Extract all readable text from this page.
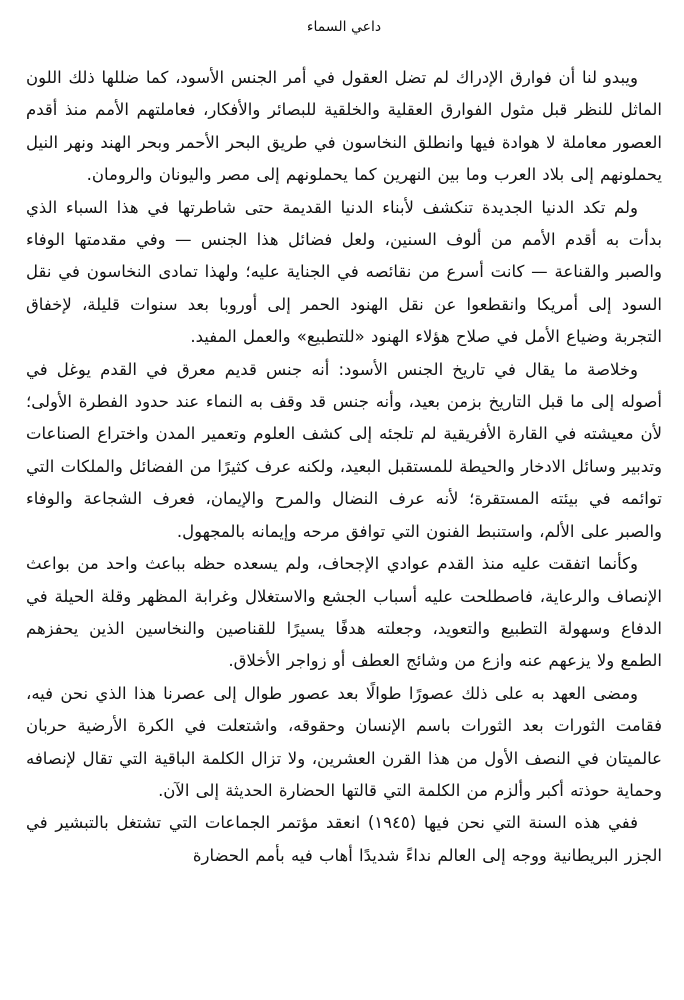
داعي السماء

ويبدو لنا أن فوارق الإدراك لم تضل العقول في أمر الجنس الأسود، كما ضللها ذلك اللون الماثل للنظر قبل مثول الفوارق العقلية والخلقية للبصائر والأفكار، فعاملتهم الأمم منذ أقدم العصور معاملة لا هوادة فيها وانطلق النخاسون في طريق البحر الأحمر وبحر الهند ونهر النيل يحملونهم إلى بلاد العرب وما بين النهرين كما يحملونهم إلى مصر واليونان والرومان.

ولم تكد الدنيا الجديدة تنكشف لأبناء الدنيا القديمة حتى شاطرتها في هذا السباء الذي بدأت به أقدم الأمم من ألوف السنين، ولعل فضائل هذا الجنس — وفي مقدمتها الوفاء والصبر والقناعة — كانت أسرع من نقائصه في الجناية عليه؛ ولهذا تمادى النخاسون في نقل السود إلى أمريكا وانقطعوا عن نقل الهنود الحمر إلى أوروبا بعد سنوات قليلة، لإخفاق التجربة وضياع الأمل في صلاح هؤلاء الهنود «للتطبيع» والعمل المفيد.

وخلاصة ما يقال في تاريخ الجنس الأسود: أنه جنس قديم معرق في القدم يوغل في أصوله إلى ما قبل التاريخ بزمن بعيد، وأنه جنس قد وقف به النماء عند حدود الفطرة الأولى؛ لأن معيشته في القارة الأفريقية لم تلجئه إلى كشف العلوم وتعمير المدن واختراع الصناعات وتدبير وسائل الادخار والحيطة للمستقبل البعيد، ولكنه عرف كثيرًا من الفضائل والملكات التي توائمه في بيئته المستقرة؛ لأنه عرف النضال والمرح والإيمان، فعرف الشجاعة والوفاء والصبر على الألم، واستنبط الفنون التي توافق مرحه وإيمانه بالمجهول.

وكأنما اتفقت عليه منذ القدم عوادي الإجحاف، ولم يسعده حظه بباعث واحد من بواعث الإنصاف والرعاية، فاصطلحت عليه أسباب الجشع والاستغلال وغرابة المظهر وقلة الحيلة في الدفاع وسهولة التطبيع والتعويد، وجعلته هدفًا يسيرًا للقناصين والنخاسين الذين يحفزهم الطمع ولا يزعهم عنه وازع من وشائج العطف أو زواجر الأخلاق.

ومضى العهد به على ذلك عصورًا طوالًا بعد عصور طوال إلى عصرنا هذا الذي نحن فيه، فقامت الثورات بعد الثورات باسم الإنسان وحقوقه، واشتعلت في الكرة الأرضية حربان عالميتان في النصف الأول من هذا القرن العشرين، ولا تزال الكلمة الباقية التي تقال لإنصافه وحماية حوذته أكبر وألزم من الكلمة التي قالتها الحضارة الحديثة إلى الآن.

ففي هذه السنة التي نحن فيها (١٩٤٥) انعقد مؤتمر الجماعات التي تشتغل بالتبشير في الجزر البريطانية ووجه إلى العالم نداءً شديدًا أهاب فيه بأمم الحضارة
